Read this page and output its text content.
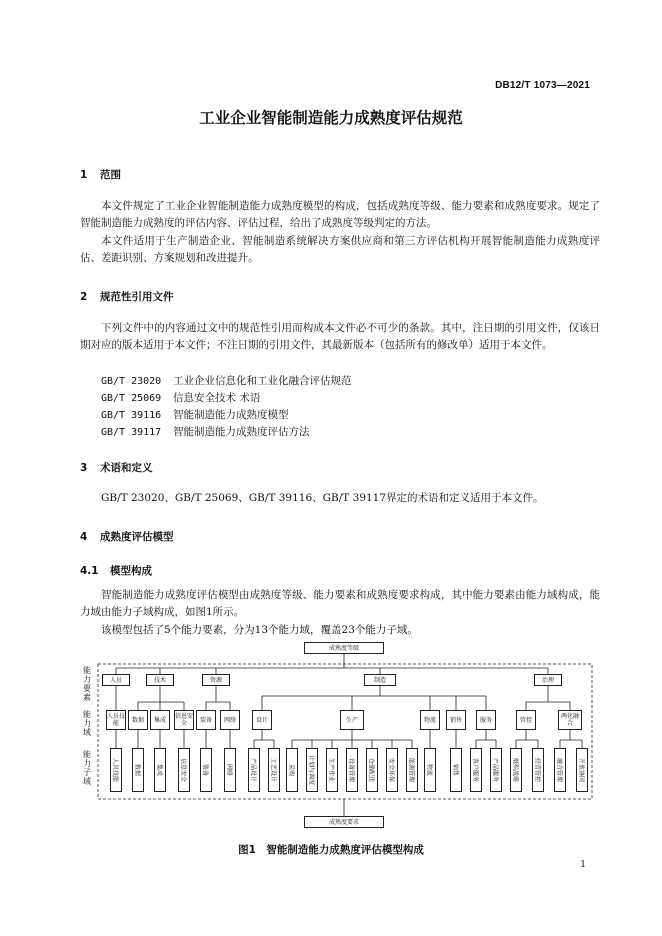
DB12/T 1073—2021
工业企业智能制造能力成熟度评估规范
1 范围
本文件规定了工业企业智能制造能力成熟度模型的构成，包括成熟度等级、能力要素和成熟度要求。规定了智能制造能力成熟度的评估内容、评估过程，给出了成熟度等级判定的方法。
本文件适用于生产制造企业、智能制造系统解决方案供应商和第三方评估机构开展智能制造能力成熟度评估、差距识别、方案规划和改进提升。
2 规范性引用文件
下列文件中的内容通过文中的规范性引用而构成本文件必不可少的条款。其中，注日期的引用文件，仅该日期对应的版本适用于本文件；不注日期的引用文件，其最新版本（包括所有的修改单）适用于本文件。
GB/T 23020 工业企业信息化和工业化融合评估规范
GB/T 25069 信息安全技术 术语
GB/T 39116 智能制造能力成熟度模型
GB/T 39117 智能制造能力成熟度评估方法
3 术语和定义
GB/T 23020、GB/T 25069、GB/T 39116、GB/T 39117界定的术语和定义适用于本文件。
4 成熟度评估模型
4.1 模型构成
智能制造能力成熟度评估模型由成熟度等级、能力要素和成熟度要求构成，其中能力要素由能力域构成，能力域由能力子域构成，如图1所示。
该模型包括了5个能力要素，分为13个能力域，覆盖23个能力子域。
成熟度等级
能力要素
能力域
能力子域
人员	技术	资源	制造	治理
人员技能	数据	集成	信息安全	装备	网络	设计	生产	物流	销售	服务	管控	两化融合
人员技能	数据	集成	信息安全	装备	网络	产品设计	工艺设计	采购	计划与调度	生产作业	设备管理	仓储配送	安全环保	能源管理	物流	销售	客户服务	产品服务	组织战略	经营管控	融合管理	开放协同
成熟度要求
图1　智能制造能力成熟度评估模型构成
1
